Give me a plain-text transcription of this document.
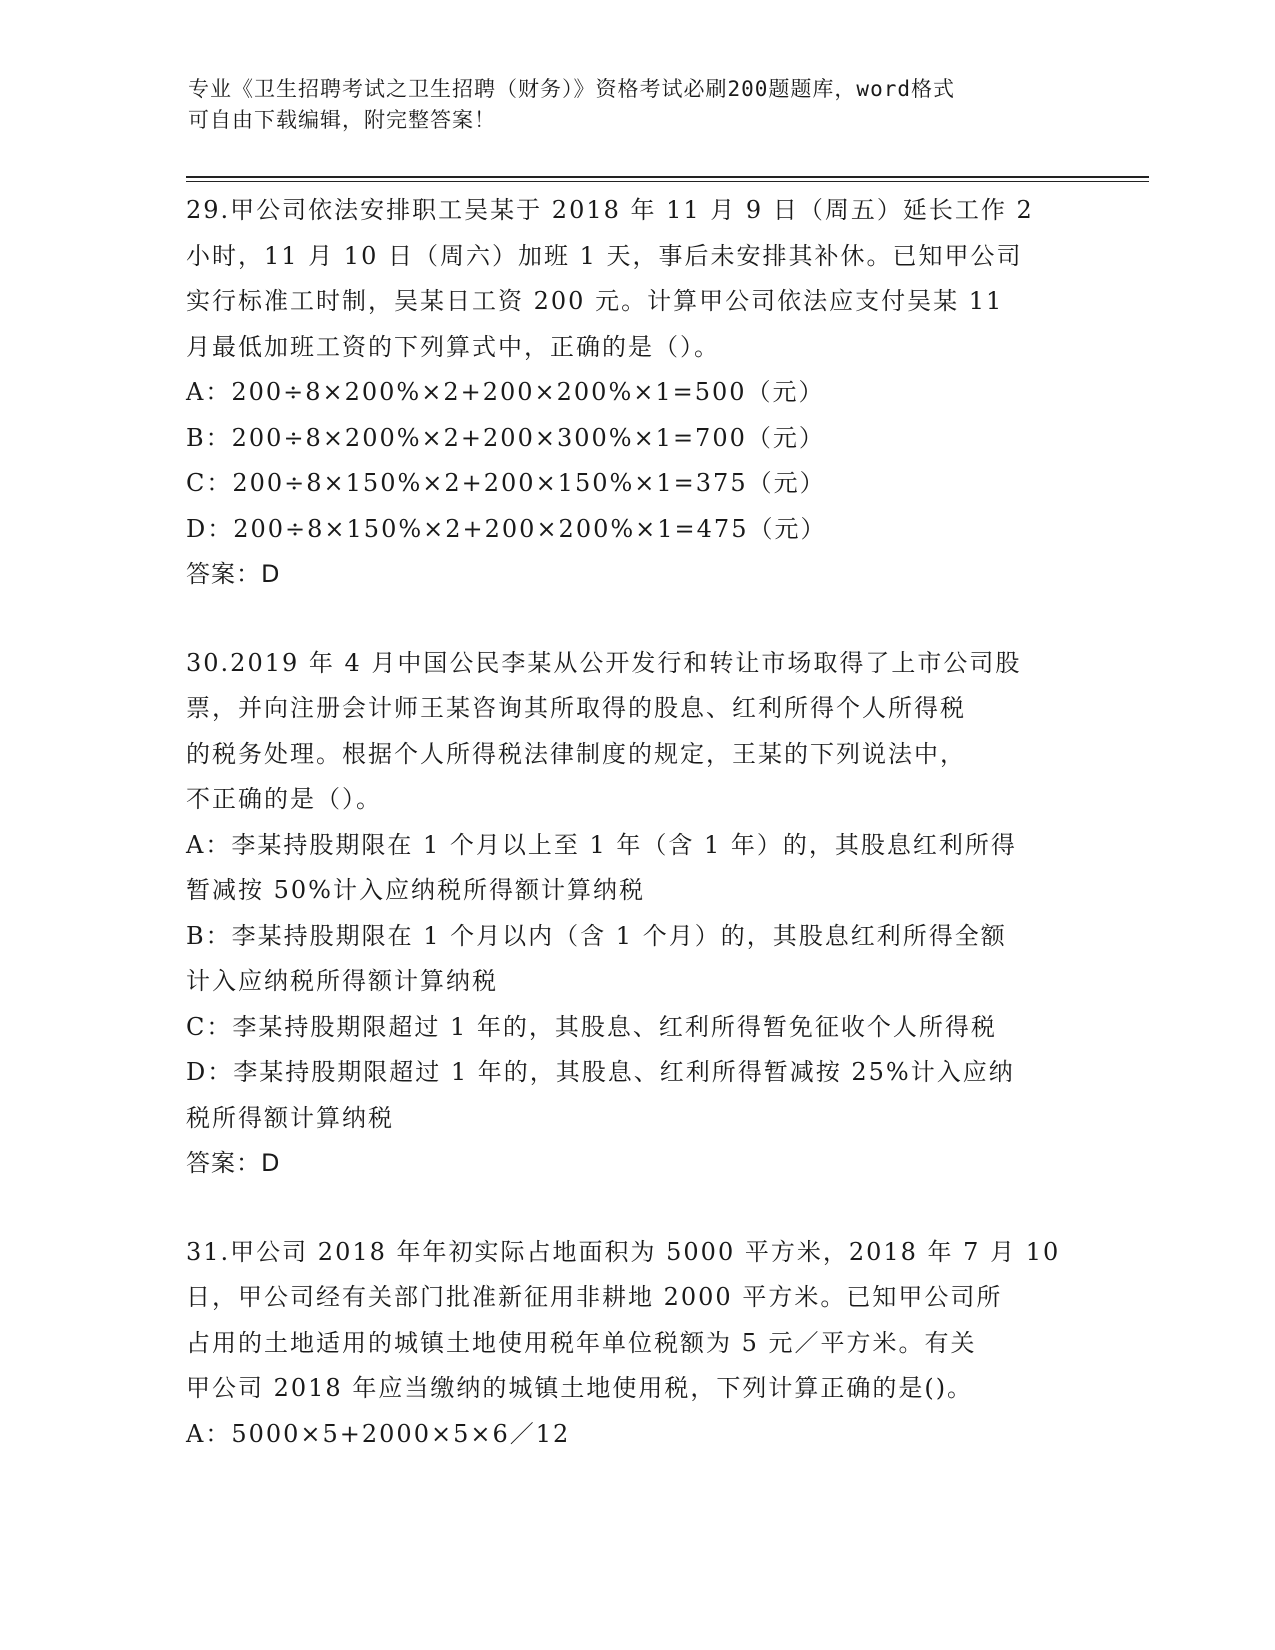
专业《卫生招聘考试之卫生招聘（财务）》资格考试必刷200题题库，word格式
可自由下载编辑，附完整答案！
29.甲公司依法安排职工吴某于 2018 年 11 月 9 日（周五）延长工作 2
小时，11 月 10 日（周六）加班 1 天，事后未安排其补休。已知甲公司
实行标准工时制，吴某日工资 200 元。计算甲公司依法应支付吴某 11
月最低加班工资的下列算式中，正确的是（）。
A：200÷8×200%×2+200×200%×1=500（元）
B：200÷8×200%×2+200×300%×1=700（元）
C：200÷8×150%×2+200×150%×1=375（元）
D：200÷8×150%×2+200×200%×1=475（元）
答案：D
30.2019 年 4 月中国公民李某从公开发行和转让市场取得了上市公司股
票，并向注册会计师王某咨询其所取得的股息、红利所得个人所得税
的税务处理。根据个人所得税法律制度的规定，王某的下列说法中，
不正确的是（）。
A：李某持股期限在 1 个月以上至 1 年（含 1 年）的，其股息红利所得
暂减按 50%计入应纳税所得额计算纳税
B：李某持股期限在 1 个月以内（含 1 个月）的，其股息红利所得全额
计入应纳税所得额计算纳税
C：李某持股期限超过 1 年的，其股息、红利所得暂免征收个人所得税
D：李某持股期限超过 1 年的，其股息、红利所得暂减按 25%计入应纳
税所得额计算纳税
答案：D
31.甲公司 2018 年年初实际占地面积为 5000 平方米，2018 年 7 月 10
日，甲公司经有关部门批准新征用非耕地 2000 平方米。已知甲公司所
占用的土地适用的城镇土地使用税年单位税额为 5 元／平方米。有关
甲公司 2018 年应当缴纳的城镇土地使用税，下列计算正确的是()。
A：5000×5+2000×5×6／12
